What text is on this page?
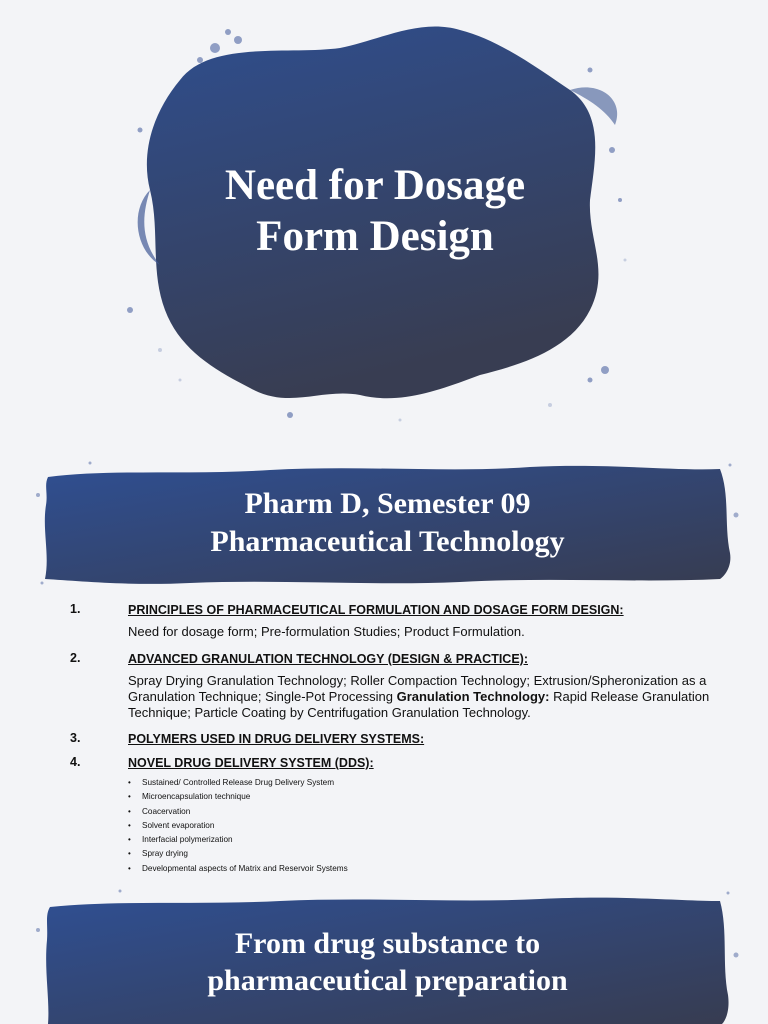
Need for Dosage
Form Design
Pharm D, Semester 09
Pharmaceutical Technology
1.	PRINCIPLES OF PHARMACEUTICAL FORMULATION AND DOSAGE FORM DESIGN:
Need for dosage form; Pre-formulation Studies; Product Formulation.
2.	ADVANCED GRANULATION TECHNOLOGY (DESIGN & PRACTICE):
Spray Drying Granulation Technology; Roller Compaction Technology; Extrusion/Spheronization as a Granulation Technique; Single-Pot Processing Granulation Technology: Rapid Release Granulation Technique; Particle Coating by Centrifugation Granulation Technology.
3.	POLYMERS USED IN DRUG DELIVERY SYSTEMS:
4.	NOVEL DRUG DELIVERY SYSTEM (DDS):
• Sustained/ Controlled Release Drug Delivery System
• Microencapsulation technique
• Coacervation
• Solvent evaporation
• Interfacial polymerization
• Spray drying
• Developmental aspects of Matrix and Reservoir Systems
From drug substance to
pharmaceutical preparation
